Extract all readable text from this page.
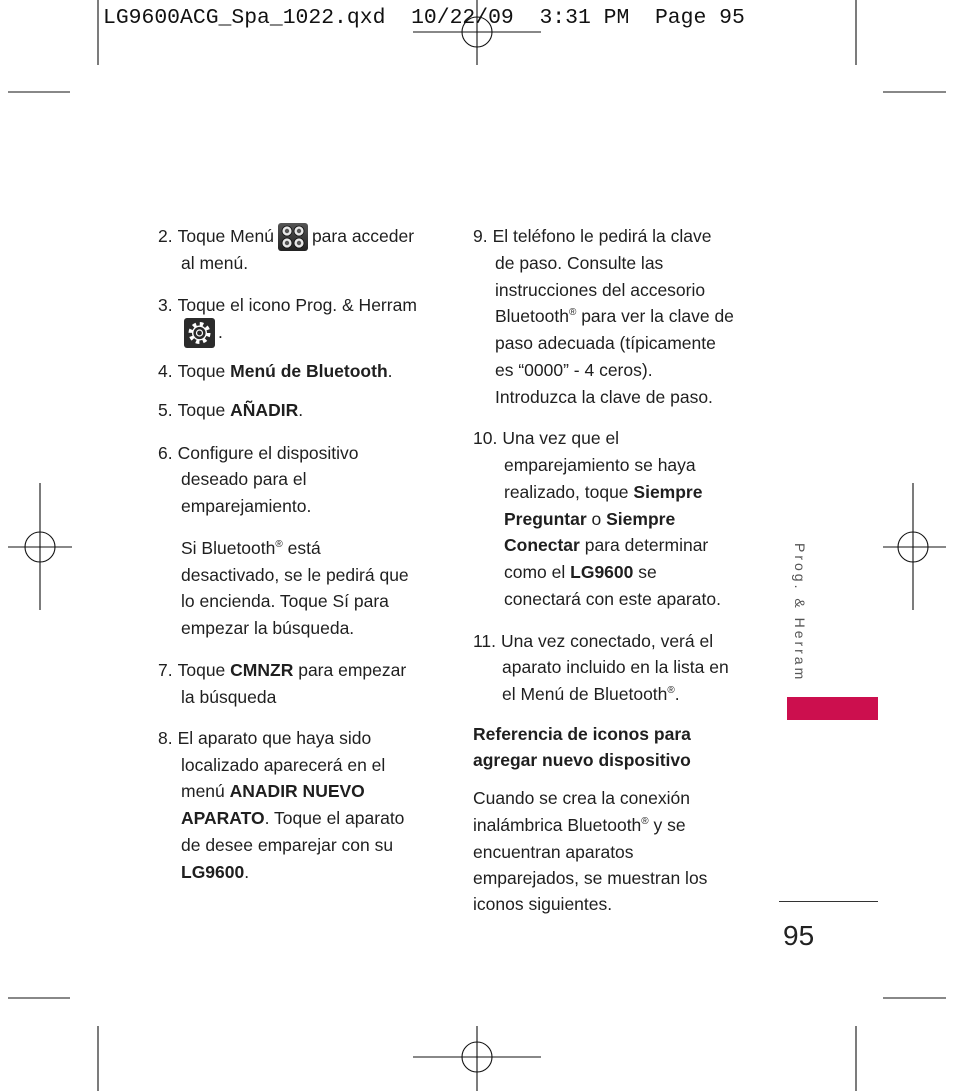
LG9600ACG_Spa_1022.qxd  10/22/09  3:31 PM  Page 95
2. Toque Menú para acceder
al menú.
3. Toque el icono Prog. & Herram
.
4. Toque Menú de Bluetooth.
5. Toque AÑADIR.
6. Configure el dispositivo
deseado para el
emparejamiento.
Si Bluetooth® está
desactivado, se le pedirá que
lo encienda. Toque Sí para
empezar la búsqueda.
7. Toque CMNZR para empezar
la búsqueda
8. El aparato que haya sido
localizado aparecerá en el
menú ANADIR NUEVO
APARATO. Toque el aparato
de desee emparejar con su
LG9600.
9. El teléfono le pedirá la clave
de paso. Consulte las
instrucciones del accesorio
Bluetooth® para ver la clave de
paso adecuada (típicamente
es “0000” - 4 ceros).
Introduzca la clave de paso.
10. Una vez que el
emparejamiento se haya
realizado, toque Siempre
Preguntar o Siempre
Conectar para determinar
como el LG9600 se
conectará con este aparato.
11. Una vez conectado, verá el
aparato incluido en la lista en
el Menú de Bluetooth®.
Referencia de iconos para
agregar nuevo dispositivo
Cuando se crea la conexión
inalámbrica Bluetooth® y se
encuentran aparatos
emparejados, se muestran los
iconos siguientes.
Prog. & Herram
95
